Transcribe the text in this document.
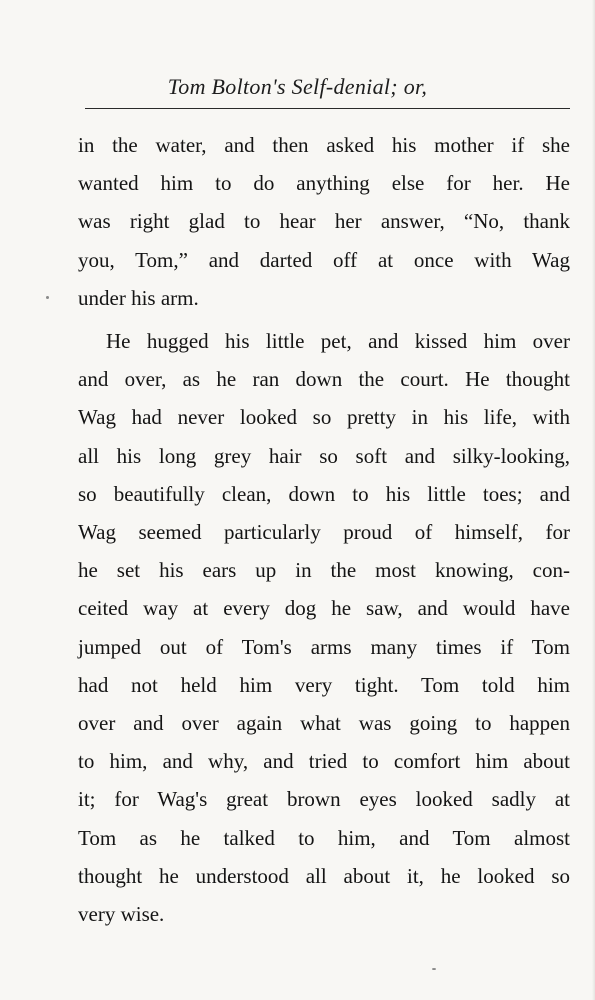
Tom Bolton's Self-denial; or,
in the water, and then asked his mother if she
wanted him to do anything else for her. He
was right glad to hear her answer, “No, thank
you, Tom,” and darted off at once with Wag
under his arm.
He hugged his little pet, and kissed him over
and over, as he ran down the court. He thought
Wag had never looked so pretty in his life, with
all his long grey hair so soft and silky-looking,
so beautifully clean, down to his little toes; and
Wag seemed particularly proud of himself, for
he set his ears up in the most knowing, con-
ceited way at every dog he saw, and would have
jumped out of Tom's arms many times if Tom
had not held him very tight. Tom told him
over and over again what was going to happen
to him, and why, and tried to comfort him about
it; for Wag's great brown eyes looked sadly at
Tom as he talked to him, and Tom almost
thought he understood all about it, he looked so
very wise.
